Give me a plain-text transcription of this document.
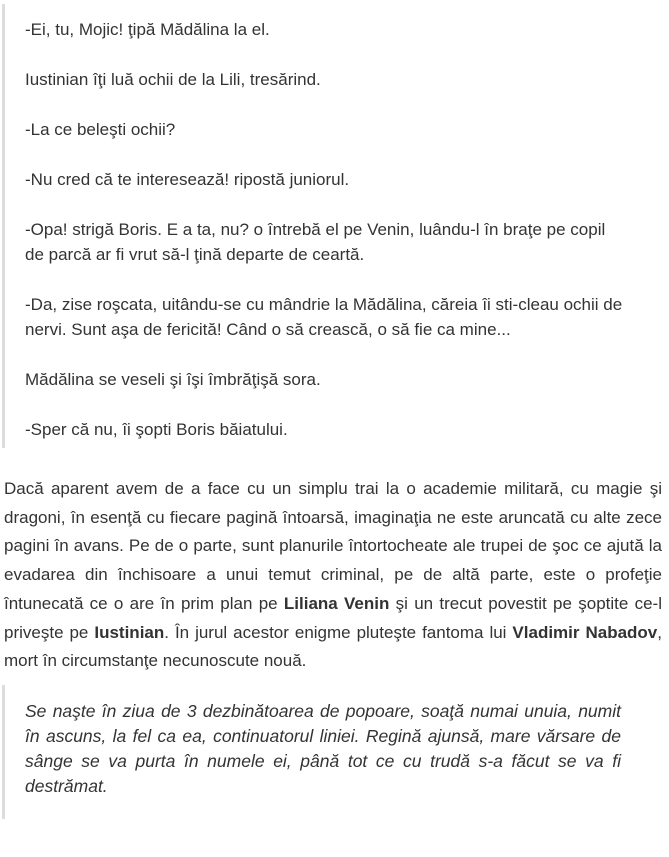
-Ei, tu, Mojic! ţipă Mădălina la el.

Iustinian îţi luă ochii de la Lili, tresărind.

-La ce beleşti ochii?

-Nu cred că te interesează! ripostă juniorul.

-Opa! strigă Boris. E a ta, nu? o întrebă el pe Venin, luându-l în braţe pe copil de parcă ar fi vrut să-l ţină departe de ceartă.

-Da, zise roşcata, uitându-se cu mândrie la Mădălina, căreia îi sti-cleau ochii de nervi. Sunt aşa de fericită! Când o să crească, o să fie ca mine...

Mădălina se veseli şi îşi îmbrăţişă sora.

-Sper că nu, îi şopti Boris băiatului.

Dacă aparent avem de a face cu un simplu trai la o academie militară, cu magie şi dragoni, în esenţă cu fiecare pagină întoarsă, imaginaţia ne este aruncată cu alte zece pagini în avans. Pe de o parte, sunt planurile întortocheate ale trupei de şoc ce ajută la evadarea din închisoare a unui temut criminal, pe de altă parte, este o profeţie întunecată ce o are în prim plan pe Liliana Venin şi un trecut povestit pe şoptite ce-l priveşte pe Iustinian. În jurul acestor enigme pluteşte fantoma lui Vladimir Nabadov, mort în circumstanţe necunoscute nouă.

Se naşte în ziua de 3 dezbinătoarea de popoare, soaţă numai unuia, numit în ascuns, la fel ca ea, continuatorul liniei. Regină ajunsă, mare vărsare de sânge se va purta în numele ei, până tot ce cu trudă s-a făcut se va fi destrămat.
